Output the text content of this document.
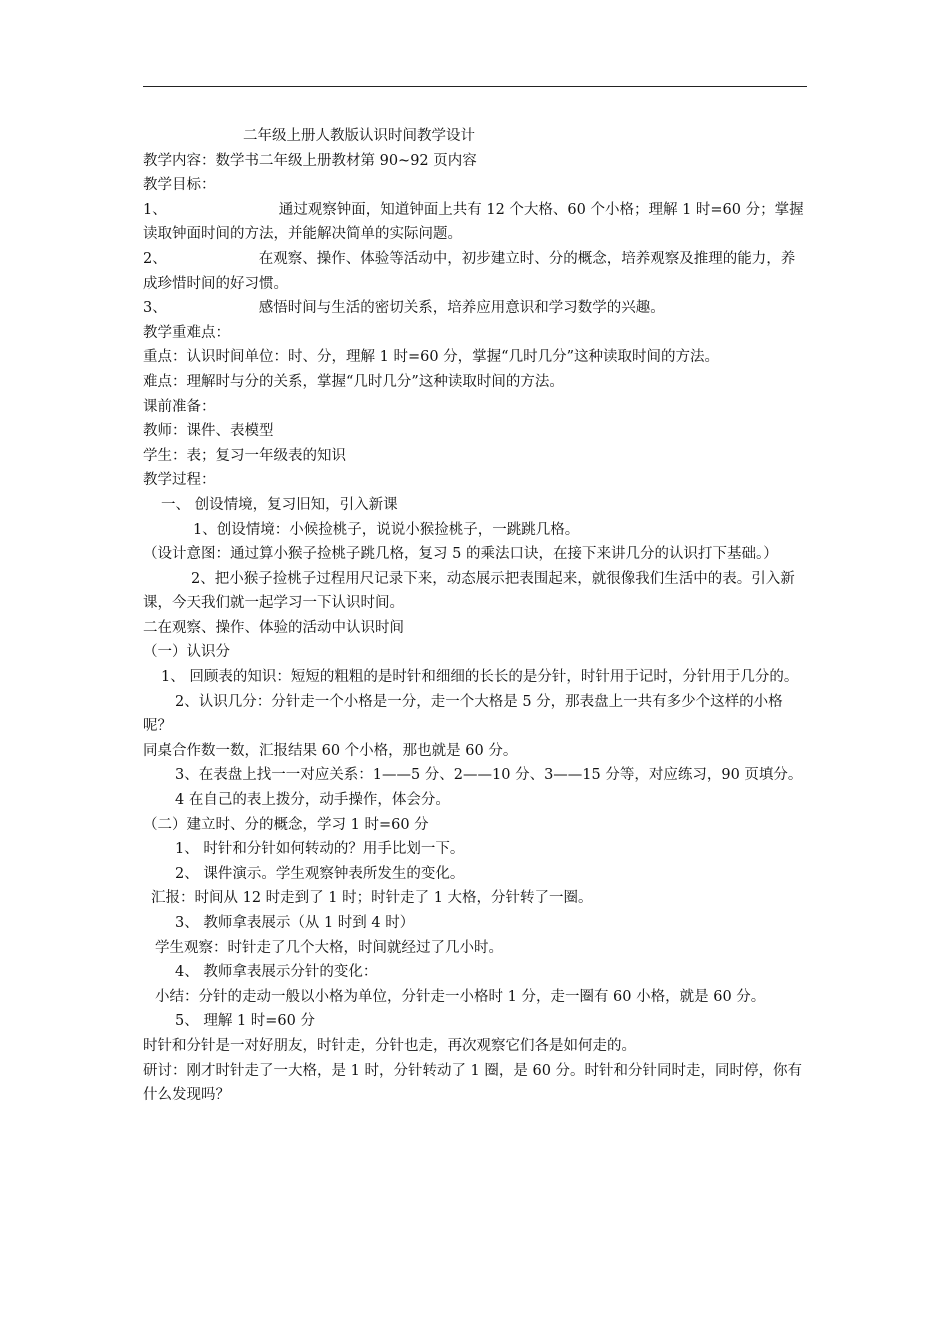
二年级上册人教版认识时间教学设计

教学内容：数学书二年级上册教材第 90~92 页内容

教学目标：

1、	通过观察钟面，知道钟面上共有 12 个大格、60 个小格；理解 1 时=60 分；掌握读取钟面时间的方法，并能解决简单的实际问题。

2、	在观察、操作、体验等活动中，初步建立时、分的概念，培养观察及推理的能力，养成珍惜时间的好习惯。

3、	感悟时间与生活的密切关系，培养应用意识和学习数学的兴趣。

教学重难点：

重点：认识时间单位：时、分，理解 1 时=60 分，掌握“几时几分”这种读取时间的方法。

难点：理解时与分的关系，掌握“几时几分”这种读取时间的方法。

课前准备：

教师：课件、表模型

学生：表；复习一年级表的知识

教学过程：

一、 创设情境，复习旧知，引入新课

1、创设情境：小候捡桃子，说说小猴捡桃子，一跳跳几格。

（设计意图：通过算小猴子捡桃子跳几格，复习 5 的乘法口诀，在接下来讲几分的认识打下基础。）

2、把小猴子捡桃子过程用尺记录下来，动态展示把表围起来，就很像我们生活中的表。引入新课，今天我们就一起学习一下认识时间。

二在观察、操作、体验的活动中认识时间

（一）认识分

1、 回顾表的知识：短短的粗粗的是时针和细细的长长的是分针，时针用于记时，分针用于几分的。

2、认识几分：分针走一个小格是一分，走一个大格是 5 分，那表盘上一共有多少个这样的小格呢？

同桌合作数一数，汇报结果 60 个小格，那也就是 60 分。

3、在表盘上找一一对应关系：1——5 分、2——10 分、3——15 分等，对应练习，90 页填分。

4 在自己的表上拨分，动手操作，体会分。

（二）建立时、分的概念，学习 1 时=60 分

1、 时针和分针如何转动的？用手比划一下。

2、 课件演示。学生观察钟表所发生的变化。

汇报：时间从 12 时走到了 1 时；时针走了 1 大格，分针转了一圈。

3、 教师拿表展示（从 1 时到 4 时）

学生观察：时针走了几个大格，时间就经过了几小时。

4、 教师拿表展示分针的变化：

小结：分针的走动一般以小格为单位，分针走一小格时 1 分，走一圈有 60 小格，就是 60 分。

5、 理解 1 时=60 分

时针和分针是一对好朋友，时针走，分针也走，再次观察它们各是如何走的。

研讨：刚才时针走了一大格，是 1 时，分针转动了 1 圈，是 60 分。时针和分针同时走，同时停，你有什么发现吗？
